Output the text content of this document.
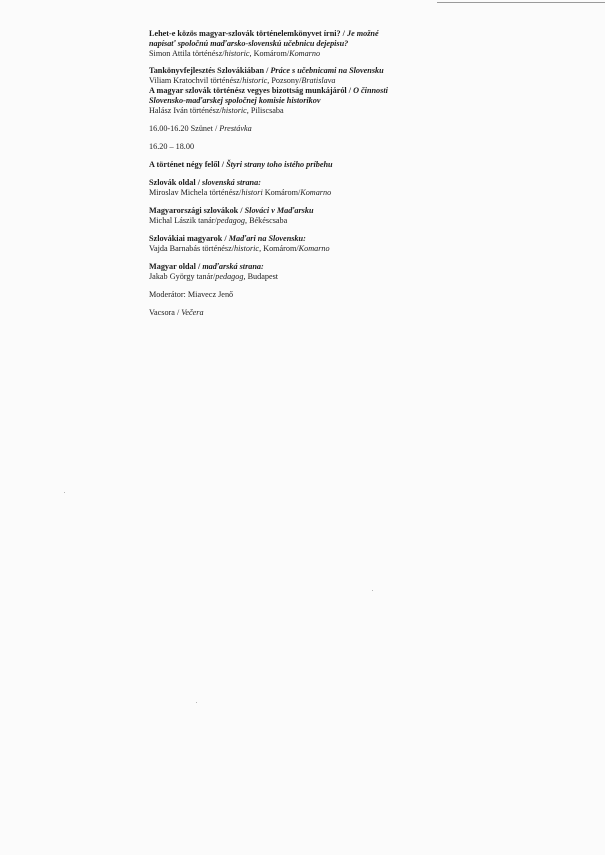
Lehet-e közös magyar-szlovák történelemkönyvet írni? / Je možné napísať spoločnú maďarsko-slovenskú učebnicu dejepisu?
Simon Attila történész/historic, Komárom/Komarno
Tankönyvfejlesztés Szlovákiában / Práce s učebnicami na Slovensku
Viliam Kratochvil történész/historic, Pozsony/Bratislava
A magyar szlovák történész vegyes bizottság munkájáról / O činnosti Slovensko-maďarskej spoločnej komisie historikov
Halász Iván történész/historic, Piliscsaba
16.00-16.20 Szünet / Prestávka
16.20 – 18.00
A történet négy felől / Štyri strany toho istého príbehu
Szlovák oldal / slovenská strana:
Miroslav Michela történész/histori Komárom/Komarno
Magyarországi szlovákok / Slováci v Maďarsku
Michal Lászik tanár/pedagog, Békéscsaba
Szlovákiai magyarok / Maďari na Slovensku:
Vajda Barnabás történész/historic, Komárom/Komarno
Magyar oldal / maďarská strana:
Jakab György tanár/pedagog, Budapest
Moderátor: Miavecz Jenő
Vacsora / Večera
